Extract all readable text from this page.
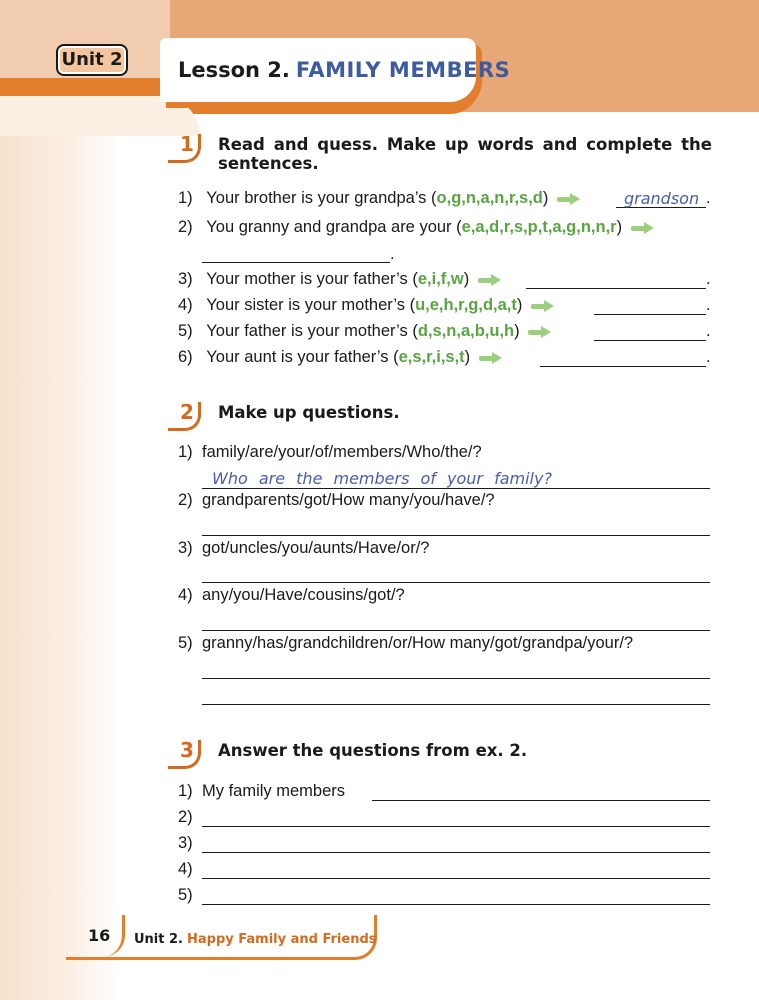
Unit 2	Lesson 2. FAMILY MEMBERS
1	Read and quess. Make up words and complete the
sentences.
1) Your brother is your grandpa’s (o,g,n,a,n,r,s,d)	grandson .
2) You granny and grandpa are your (e,a,d,r,s,p,t,a,g,n,n,r)
.
3) Your mother is your father’s (e,i,f,w)	.
4) Your sister is your mother’s (u,e,h,r,g,d,a,t)	.
5) Your father is your mother’s (d,s,n,a,b,u,h)	.
6) Your aunt is your father’s (e,s,r,i,s,t)	.
2	Make up questions.
1) family/are/your/of/members/Who/the/?
Who are the members of your family?
2) grandparents/got/How many/you/have/?
3) got/uncles/you/aunts/Have/or/?
4) any/you/Have/cousins/got/?
5) granny/has/grandchildren/or/How many/got/grandpa/your/?
3	Answer the questions from ex. 2.
1) My family members
2)
3)
4)
5)
16 Unit 2. Happy Family and Friends
